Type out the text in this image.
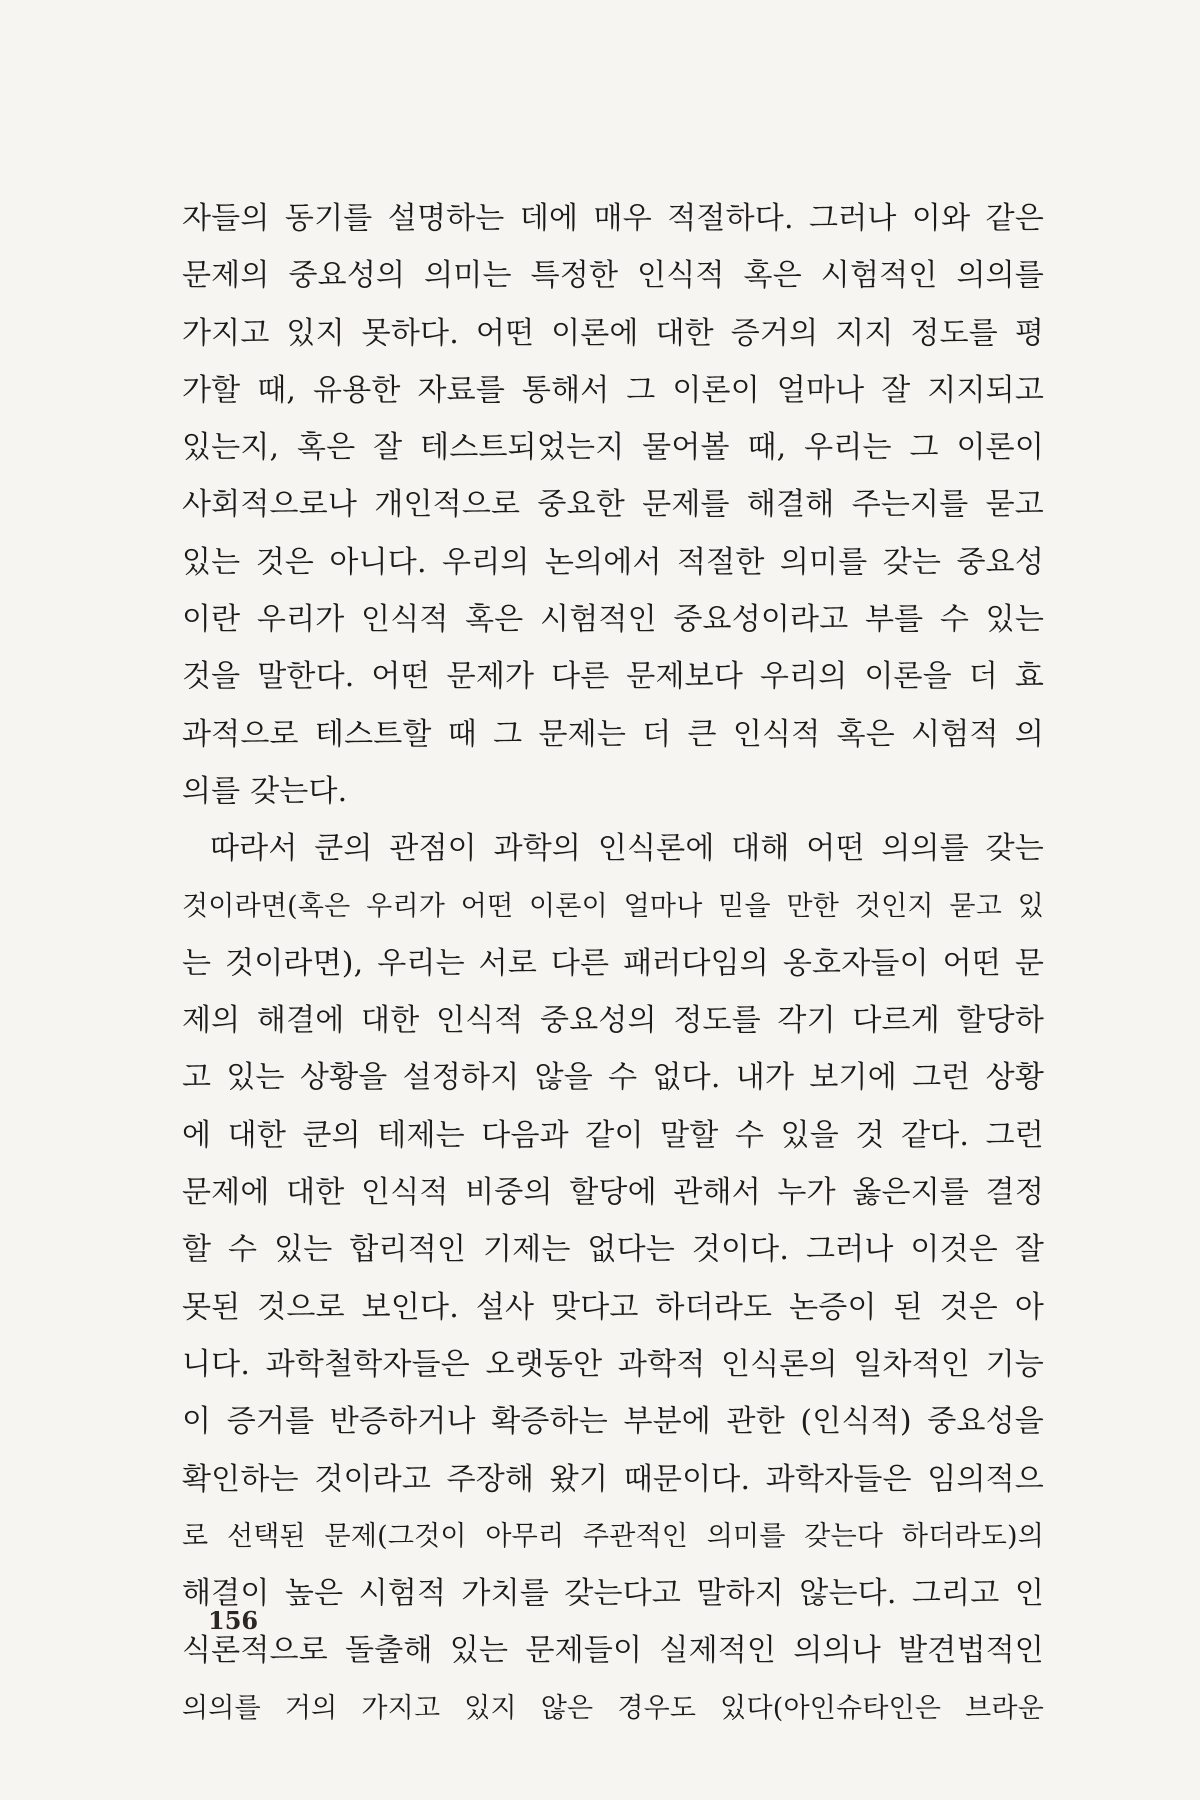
자들의 동기를 설명하는 데에 매우 적절하다. 그러나 이와 같은
문제의 중요성의 의미는 특정한 인식적 혹은 시험적인 의의를
가지고 있지 못하다. 어떤 이론에 대한 증거의 지지 정도를 평
가할 때, 유용한 자료를 통해서 그 이론이 얼마나 잘 지지되고
있는지, 혹은 잘 테스트되었는지 물어볼 때, 우리는 그 이론이
사회적으로나 개인적으로 중요한 문제를 해결해 주는지를 묻고
있는 것은 아니다. 우리의 논의에서 적절한 의미를 갖는 중요성
이란 우리가 인식적 혹은 시험적인 중요성이라고 부를 수 있는
것을 말한다. 어떤 문제가 다른 문제보다 우리의 이론을 더 효
과적으로 테스트할 때 그 문제는 더 큰 인식적 혹은 시험적 의
의를 갖는다.
따라서 쿤의 관점이 과학의 인식론에 대해 어떤 의의를 갖는
것이라면(혹은 우리가 어떤 이론이 얼마나 믿을 만한 것인지 묻고 있
는 것이라면), 우리는 서로 다른 패러다임의 옹호자들이 어떤 문
제의 해결에 대한 인식적 중요성의 정도를 각기 다르게 할당하
고 있는 상황을 설정하지 않을 수 없다. 내가 보기에 그런 상황
에 대한 쿤의 테제는 다음과 같이 말할 수 있을 것 같다. 그런
문제에 대한 인식적 비중의 할당에 관해서 누가 옳은지를 결정
할 수 있는 합리적인 기제는 없다는 것이다. 그러나 이것은 잘
못된 것으로 보인다. 설사 맞다고 하더라도 논증이 된 것은 아
니다. 과학철학자들은 오랫동안 과학적 인식론의 일차적인 기능
이 증거를 반증하거나 확증하는 부분에 관한 (인식적) 중요성을
확인하는 것이라고 주장해 왔기 때문이다. 과학자들은 임의적으
로 선택된 문제(그것이 아무리 주관적인 의미를 갖는다 하더라도)의
해결이 높은 시험적 가치를 갖는다고 말하지 않는다. 그리고 인
식론적으로 돌출해 있는 문제들이 실제적인 의의나 발견법적인
의의를 거의 가지고 있지 않은 경우도 있다(아인슈타인은 브라운
156
